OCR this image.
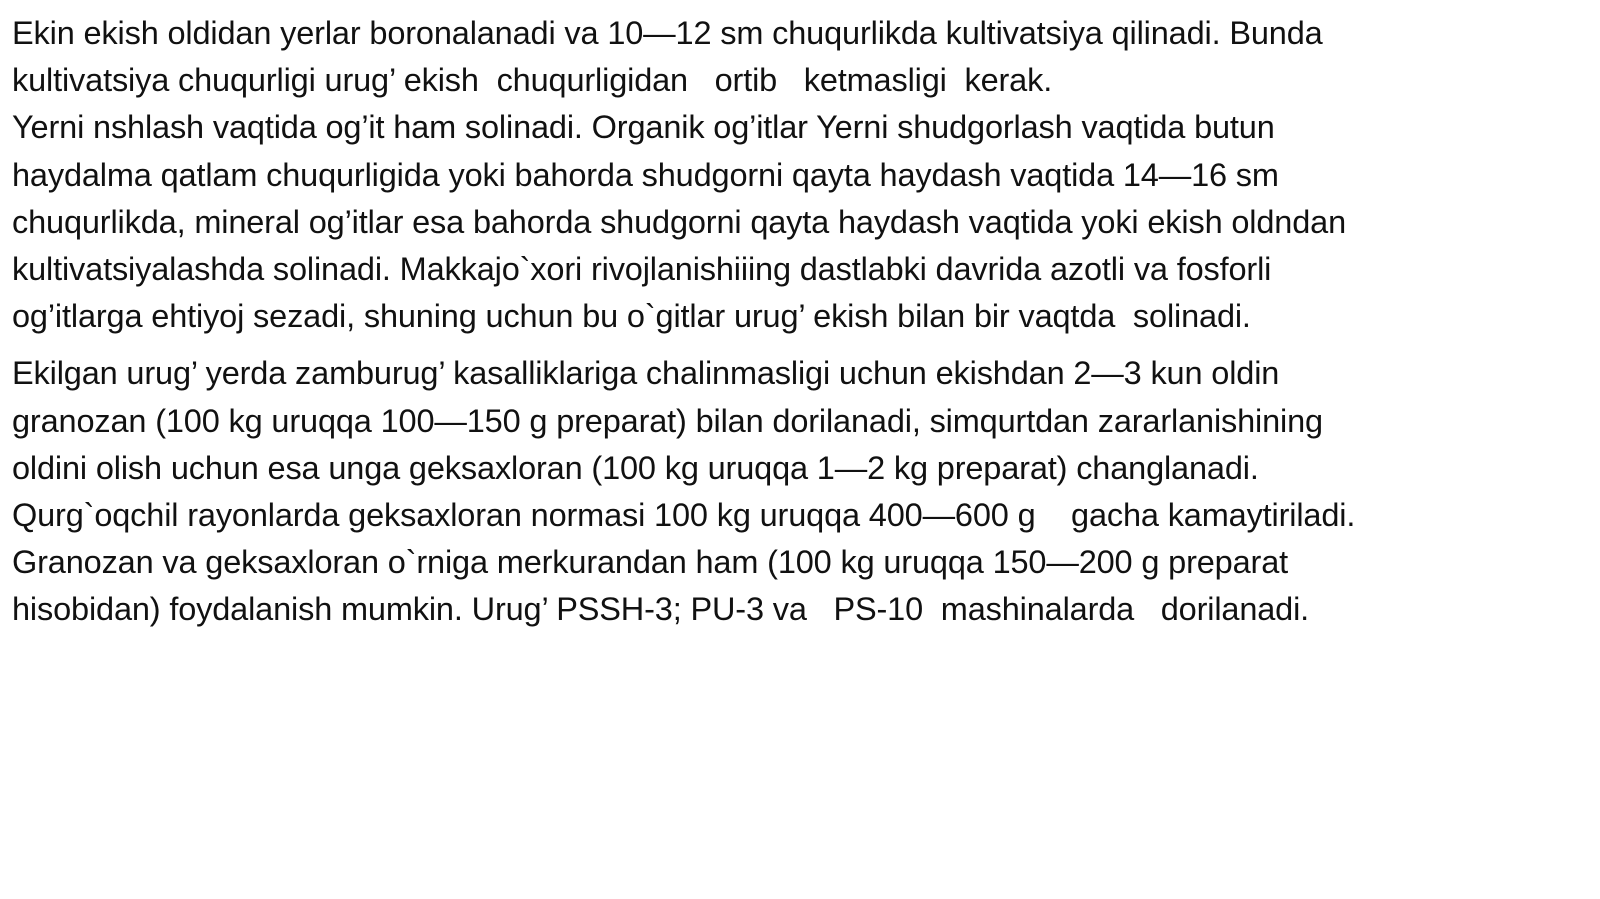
Ekin ekish oldidan yerlar boronalanadi va 10—12 sm chuqurlikda kultivatsiya qilinadi. Bunda
kultivatsiya chuqurligi urug’ ekish  chuqurligidan   ortib   ketmasligi  kerak.
Yerni nshlash vaqtida og’it ham solinadi. Organik og’itlar Yerni shudgorlash vaqtida butun
haydalma qatlam chuqurligida yoki bahorda shudgorni qayta haydash vaqtida 14—16 sm
chuqurlikda, mineral og’itlar esa bahorda shudgorni qayta haydash vaqtida yoki ekish oldndan
kultivatsiyalashda solinadi. Makkajo`xori rivojlanishiiing dastlabki davrida azotli va fosforli
og’itlarga ehtiyoj sezadi, shuning uchun bu o`gitlar urug’ ekish bilan bir vaqtda  solinadi.
Ekilgan urug’ yerda zamburug’ kasalliklariga chalinmasligi uchun ekishdan 2—3 kun oldin
granozan (100 kg uruqqa 100—150 g preparat) bilan dorilanadi, simqurtdan zararlanishining
oldini olish uchun esa unga geksaxloran (100 kg uruqqa 1—2 kg preparat) changlanadi.
Qurg`oqchil rayonlarda geksaxloran normasi 100 kg uruqqa 400—600 g    gacha kamaytiriladi.
Granozan va geksaxloran o`rniga merkurandan ham (100 kg uruqqa 150—200 g preparat
hisobidan) foydalanish mumkin. Urug’ PSSH-3; PU-3 va   PS-10  mashinalarda   dorilanadi.
